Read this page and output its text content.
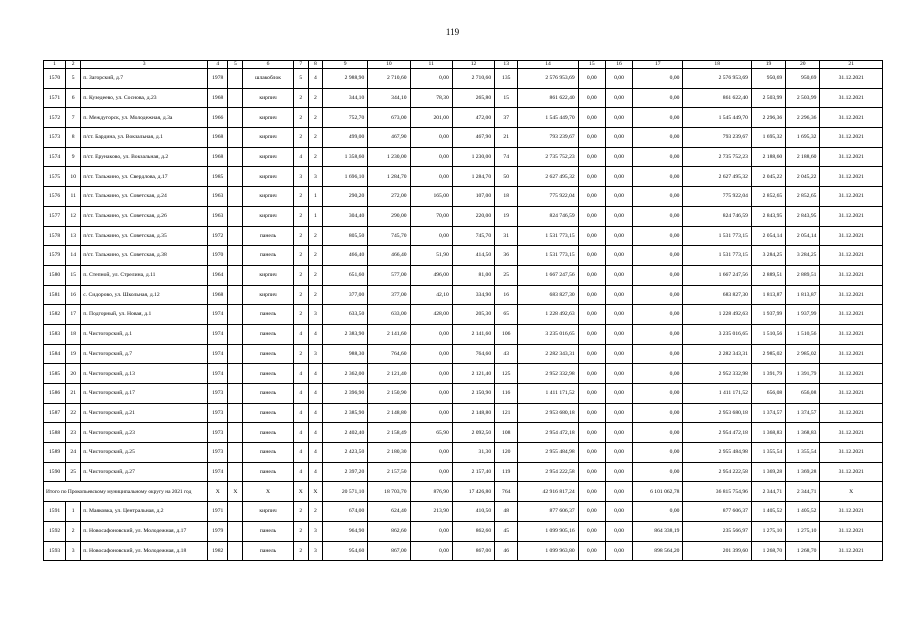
119
1	2	3	4	5	6	7	8	9	10	11	12	13	14	15	16	17	18	19	20	21
1570	5	п. Загорский, д.7	1978		шлакоблок	5	4	2 988,90	2 710,60	0,00	2 710,60	135	2 576 953,69	0,00	0,00	0,00	2 576 953,69	950,69	950,69	31.12.2021
1571	6	п. Кузедеево, ул. Соснова, д.23	1968		кирпич	2	2	344,10	344,10	78,30	265,80	15	861 622,40	0,00	0,00	0,00	861 622,40	2 503,99	2 503,99	31.12.2021
1572	7	п. Междугорск, ул. Молодежная, д.3а	1966		кирпич	2	2	752,70	673,00	201,00	472,00	37	1 545 449,70	0,00	0,00	0,00	1 545 449,70	2 296,36	2 296,36	31.12.2021
1573	8	п/ст. Бардина, ул. Вокзальная, д.1	1968		кирпич	2	2	499,00	467,90	0,00	467,90	21	793 239,67	0,00	0,00	0,00	793 239,67	1 695,32	1 695,32	31.12.2021
1574	9	п/ст. Ерунаково, ул. Вокзальная, д.2	1968		кирпич	4	2	1 358,60	1 230,00	0,00	1 230,00	74	2 735 752,23	0,00	0,00	0,00	2 735 752,23	2 188,60	2 188,60	31.12.2021
1575	10	п/ст. Тальжино, ул. Свердлова, д.17	1985		кирпич	3	3	1 696,10	1 284,70	0,00	1 284,70	50	2 627 495,32	0,00	0,00	0,00	2 627 495,32	2 045,22	2 045,22	31.12.2021
1576	11	п/ст. Тальжино, ул. Советская, д.24	1963		кирпич	2	1	290,20	272,00	165,00	107,00	18	775 922,04	0,00	0,00	0,00	775 922,04	2 852,65	2 852,65	31.12.2021
1577	12	п/ст. Тальжино, ул. Советская, д.26	1963		кирпич	2	1	304,40	290,00	70,00	220,00	19	824 746,59	0,00	0,00	0,00	824 746,59	2 843,95	2 843,95	31.12.2021
1578	13	п/ст. Тальжино, ул. Советская, д.35	1972		панель	2	2	805,50	745,70	0,00	745,70	31	1 531 773,15	0,00	0,00	0,00	1 531 773,15	2 054,14	2 054,14	31.12.2021
1579	14	п/ст. Тальжино, ул. Советская, д.38	1970		панель	2	2	466,40	466,40	51,90	414,50	36	1 531 773,15	0,00	0,00	0,00	1 531 773,15	3 284,25	3 284,25	31.12.2021
1580	15	п. Степной, ул. Стрелина, д.11	1964		кирпич	2	2	651,60	577,00	496,00	81,00	25	1 667 247,56	0,00	0,00	0,00	1 667 247,56	2 889,51	2 889,51	31.12.2021
1581	16	с. Сидорово, ул. Школьная, д.12	1968		кирпич	2	2	377,00	377,00	42,10	334,90	16	683 827,30	0,00	0,00	0,00	683 827,30	1 813,87	1 813,87	31.12.2021
1582	17	п. Подгорный, ул. Новая, д.1	1974		панель	2	3	633,50	633,00	428,00	205,30	65	1 228 492,63	0,00	0,00	0,00	1 228 492,63	1 937,99	1 937,99	31.12.2021
1583	18	п. Чистогорский, д.1	1974		панель	4	4	2 383,90	2 141,60	0,00	2 141,60	106	3 235 016,65	0,00	0,00	0,00	3 235 016,65	1 510,56	1 510,56	31.12.2021
1584	19	п. Чистогорский, д.7	1974		панель	2	3	988,30	764,60	0,00	764,60	43	2 282 343,31	0,00	0,00	0,00	2 282 343,31	2 985,02	2 985,02	31.12.2021
1585	20	п. Чистогорский, д.13	1974		панель	4	4	2 362,00	2 121,40	0,00	2 121,40	125	2 952 332,98	0,00	0,00	0,00	2 952 332,98	1 391,79	1 391,79	31.12.2021
1586	21	п. Чистогорский, д.17	1973		панель	4	4	2 396,90	2 150,90	0,00	2 150,90	116	1 411 171,52	0,00	0,00	0,00	1 411 171,52	656,08	656,08	31.12.2021
1587	22	п. Чистогорский, д.21	1973		панель	4	4	2 385,90	2 148,80	0,00	2 148,80	121	2 953 680,18	0,00	0,00	0,00	2 953 680,18	1 374,57	1 374,57	31.12.2021
1588	23	п. Чистогорский, д.23	1973		панель	4	4	2 402,40	2 158,49	65,90	2 092,50	108	2 954 472,18	0,00	0,00	0,00	2 954 472,18	1 368,83	1 368,83	31.12.2021
1589	24	п. Чистогорский, д.25	1973		панель	4	4	2 423,50	2 180,30	0,00	31,30	120	2 955 484,98	0,00	0,00	0,00	2 955 484,98	1 355,54	1 355,54	31.12.2021
1590	25	п. Чистогорский, д.27	1974		панель	4	4	2 397,20	2 157,50	0,00	2 157,40	119	2 954 222,58	0,00	0,00	0,00	2 954 222,58	1 369,28	1 369,28	31.12.2021
Итого по Прокопьевскому муниципальному округу на 2021 год			X	X	X	X	X	20 571,10	18 703,70	876,90	17 426,80	764	42 916 817,24	0,00	0,00	6 101 062,78	36 815 754,96	2 344,71	2 344,71	X
1591	1	п. Маяковка, ул. Центральная, д.2	1971		кирпич	2	2	674,00	624,40	213,90	410,50	48	877 606,37	0,00	0,00	0,00	877 606,37	1 405,52	1 405,52	31.12.2021
1592	2	п. Новосафоновский, ул. Молодежная, д.17	1979		панель	2	3	964,90	862,60	0,00	862,60	45	1 099 905,16	0,00	0,00	864 338,19	235 566,97	1 275,10	1 275,10	31.12.2021
1593	3	п. Новосафоновский, ул. Молодежная, д.18	1982		панель	2	3	954,60	867,00	0,00	867,00	46	1 099 963,80	0,00	0,00	898 564,20	201 399,60	1 268,70	1 268,70	31.12.2021
